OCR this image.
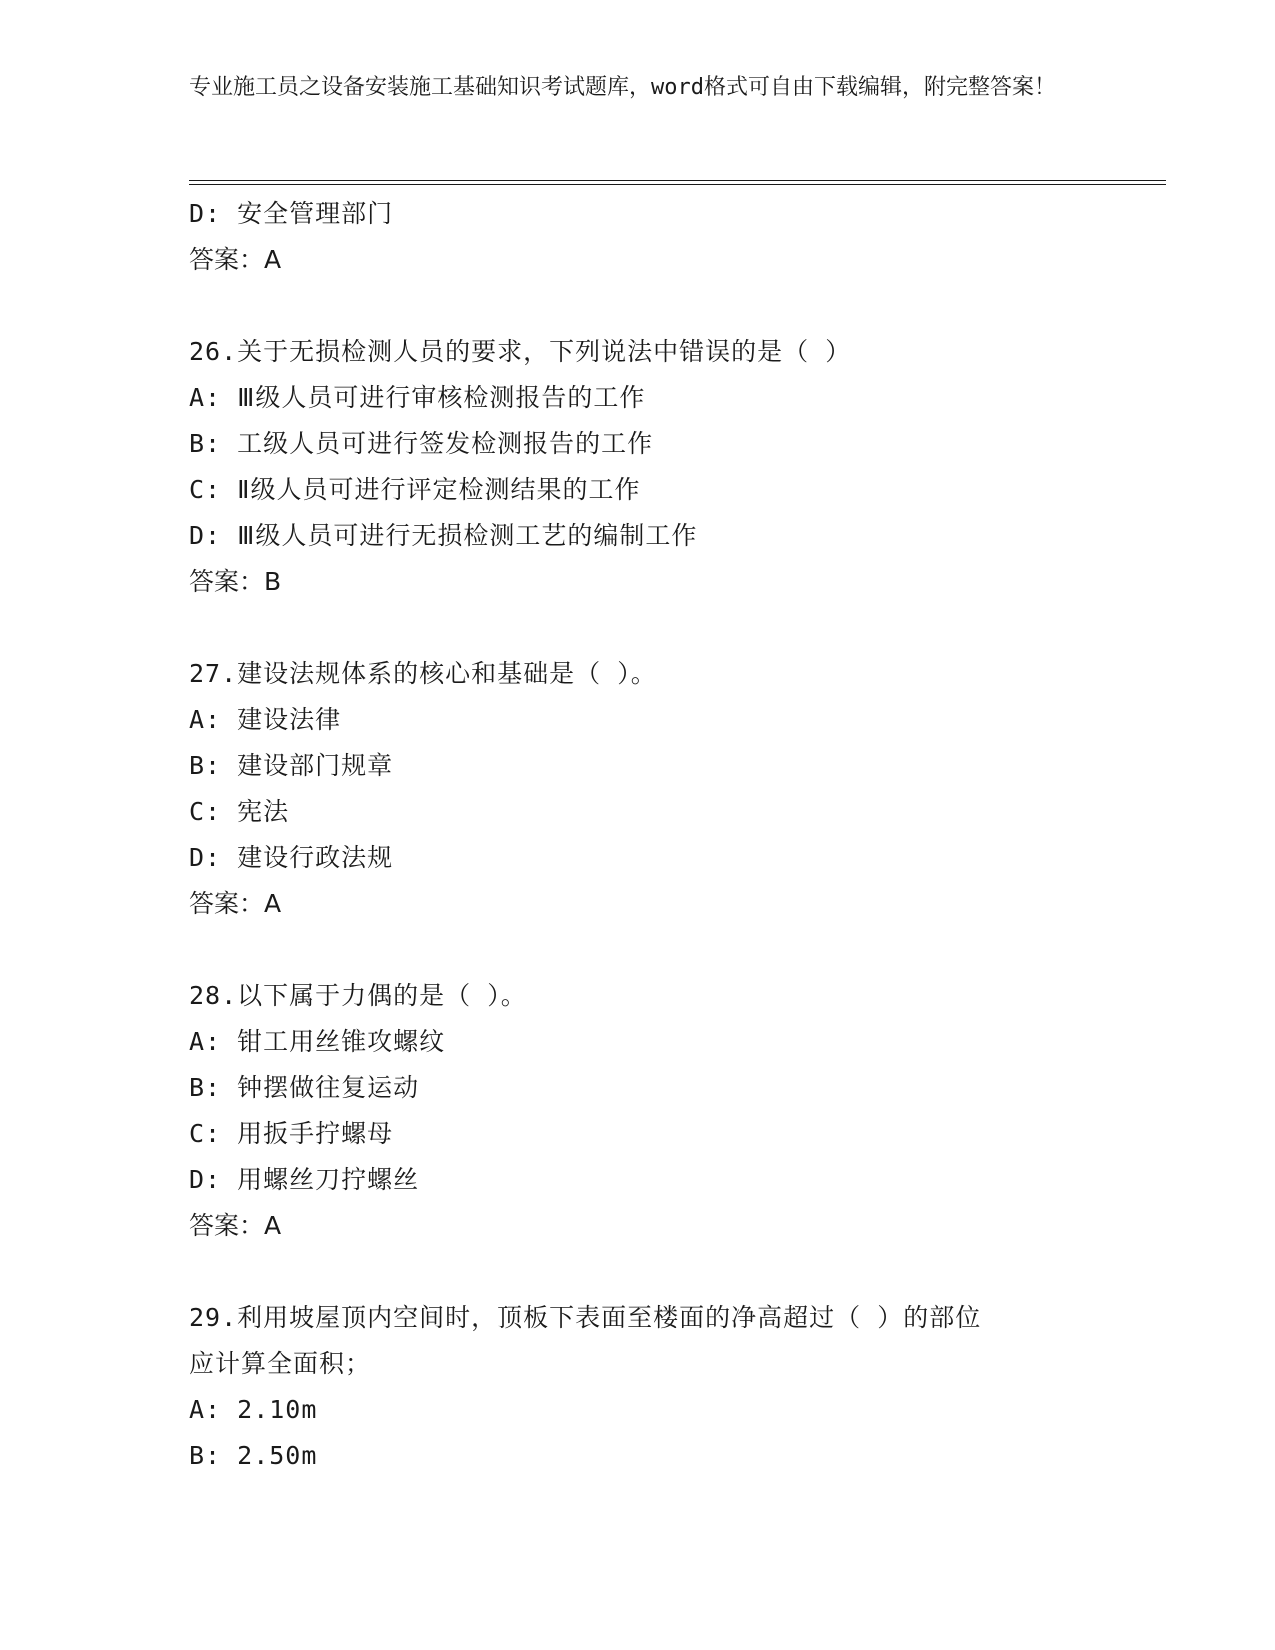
专业施工员之设备安装施工基础知识考试题库，word格式可自由下载编辑，附完整答案！
D: 安全管理部门
答案：A
26.关于无损检测人员的要求，下列说法中错误的是（ ）
A: Ⅲ级人员可进行审核检测报告的工作
B: 工级人员可进行签发检测报告的工作
C: Ⅱ级人员可进行评定检测结果的工作
D: Ⅲ级人员可进行无损检测工艺的编制工作
答案：B
27.建设法规体系的核心和基础是（ ）。
A: 建设法律
B: 建设部门规章
C: 宪法
D: 建设行政法规
答案：A
28.以下属于力偶的是（ ）。
A: 钳工用丝锥攻螺纹
B: 钟摆做往复运动
C: 用扳手拧螺母
D: 用螺丝刀拧螺丝
答案：A
29.利用坡屋顶内空间时，顶板下表面至楼面的净高超过（ ）的部位
应计算全面积；
A: 2.10m
B: 2.50m
